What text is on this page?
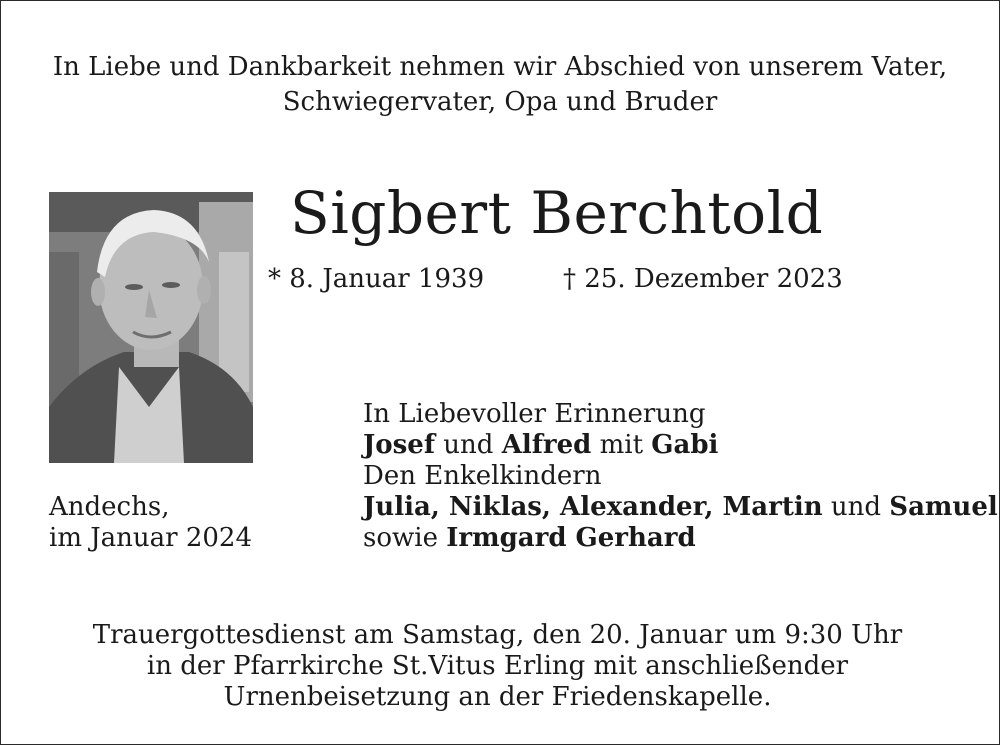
In Liebe und Dankbarkeit nehmen wir Abschied von unserem Vater,
Schwiegervater, Opa und Bruder
Sigbert Berchtold
* 8. Januar 1939	† 25. Dezember 2023
Andechs,
im Januar 2024
In Liebevoller Erinnerung
Josef und Alfred mit Gabi
Den Enkelkindern
Julia, Niklas, Alexander, Martin und Samuel
sowie Irmgard Gerhard
Trauergottesdienst am Samstag, den 20. Januar um 9:30 Uhr
in der Pfarrkirche St.Vitus Erling mit anschließender
Urnenbeisetzung an der Friedenskapelle.
